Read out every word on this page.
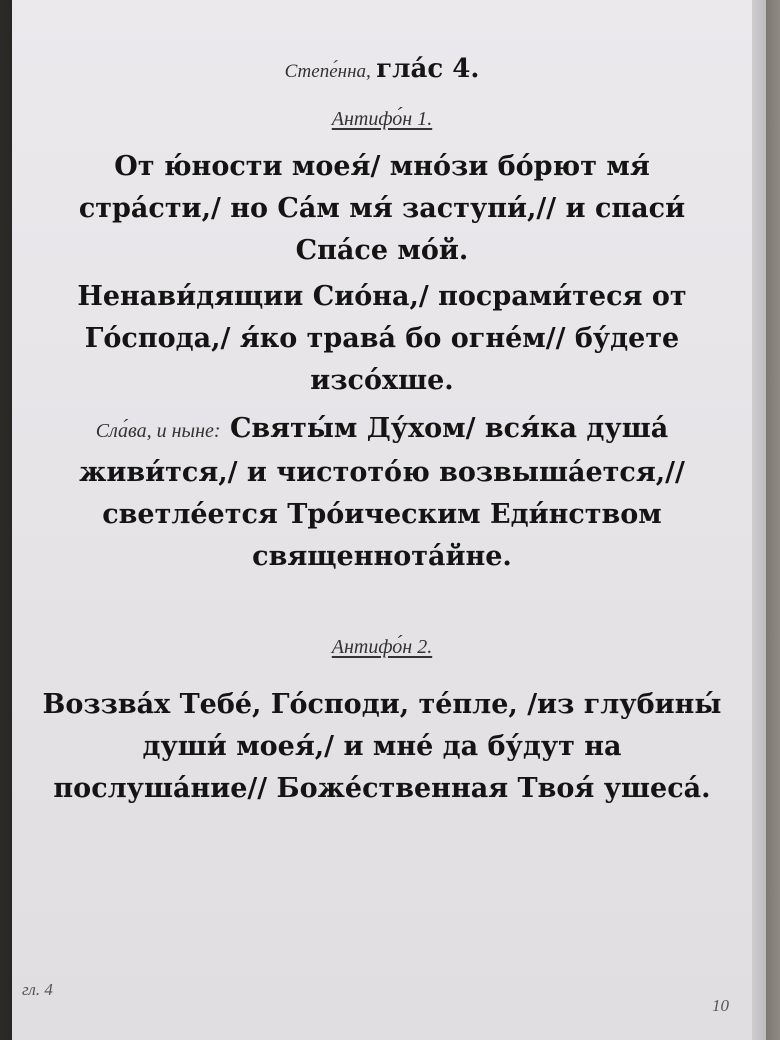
Степе́нна, гла́с 4.
Антифо́н 1.
От ю́ности моея́/ мно́зи бо́рют мя́ стра́сти,/ но Са́м мя́ заступи́,// и спаси́ Спа́се мо́й.
Ненави́дящии Сио́на,/ посрами́теся от Го́спода,/ я́ко трава́ бо огне́м// бу́дете изсо́хше.
Сла́ва, и ныне: Святы́м Ду́хом/ вся́ка душа́ живи́тся,/ и чистото́ю возвыша́ется,// светле́ется Тро́ическим Еди́нством священнота́йне.
Антифо́н 2.
Воззва́х Тебе́, Го́споди, те́пле, /из глубины́ души́ моея́,/ и мне́ да бу́дут на послуша́ние// Боже́ственная Твоя́ ушеса́.
гл. 4
10
